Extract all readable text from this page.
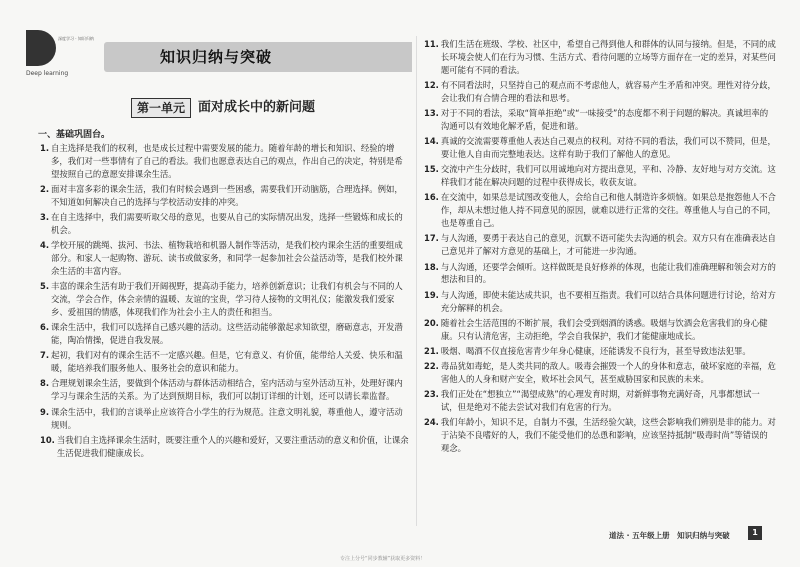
深度学习 · 知识归纳
Deep learning
知识归纳与突破
第一单元	面对成长中的新问题
一、基础巩固台。
1. 自主选择是我们的权利，也是成长过程中需要发展的能力。随着年龄的增长和知识、经验的增多，我们对一些事情有了自己的看法。我们也愿意表达自己的观点，作出自己的决定，特别是希望按照自己的意愿安排课余生活。
2. 面对丰富多彩的课余生活，我们有时候会遇到一些困惑，需要我们开动脑筋，合理选择。例如，不知道如何解决自己的选择与学校活动安排的冲突。
3. 在自主选择中，我们需要听取父母的意见，也要从自己的实际情况出发，选择一些锻炼和成长的机会。
4. 学校开展的跳绳、拔河、书法、植物栽培和机器人制作等活动，是我们校内课余生活的重要组成部分。和家人一起购物、游玩、读书或做家务，和同学一起参加社会公益活动等，是我们校外课余生活的丰富内容。
5. 丰富的课余生活有助于我们开阔视野，提高动手能力，培养创新意识；让我们有机会与不同的人交流，学会合作，体会亲情的温暖、友谊的宝贵，学习待人接物的文明礼仪；能激发我们爱家乡、爱祖国的情感，体现我们作为社会小主人的责任和担当。
6. 课余生活中，我们可以选择自己感兴趣的活动。这些活动能够激起求知欲望，磨砺意志，开发潜能，陶冶情操，促进自我发展。
7. 起初，我们对有的课余生活不一定感兴趣。但是，它有意义、有价值，能带给人关爱、快乐和温暖，能培养我们服务他人、服务社会的意识和能力。
8. 合理规划课余生活，要做到个体活动与群体活动相结合，室内活动与室外活动互补，处理好课内学习与课余生活的关系。为了达到预期目标，我们可以制订详细的计划，还可以请长辈监督。
9. 课余生活中，我们的言谈举止应该符合小学生的行为规范。注意文明礼貌，尊重他人，遵守活动规则。
10. 当我们自主选择课余生活时，既要注重个人的兴趣和爱好，又要注重活动的意义和价值，让课余生活促进我们健康成长。
11. 我们生活在班级、学校、社区中，希望自己得到他人和群体的认同与接纳。但是，不同的成长环境会使人们在行为习惯、生活方式、看待问题的立场等方面存在一定的差异，对某些问题可能有不同的看法。
12. 有不同看法时，只坚持自己的观点而不考虑他人，就容易产生矛盾和冲突。理性对待分歧，会让我们有合情合理的看法和思考。
13. 对于不同的看法，采取“简单拒绝”或“一味接受”的态度都不利于问题的解决。真诚坦率的沟通可以有效地化解矛盾，促进和谐。
14. 真诚的交流需要尊重他人表达自己观点的权利。对待不同的看法，我们可以不赞同，但是，要让他人自由而完整地表达。这样有助于我们了解他人的意见。
15. 交流中产生分歧时，我们可以用诚地向对方提出意见，平和、冷静、友好地与对方交流。这样我们才能在解决问题的过程中获得成长，收获友谊。
16. 在交流中，如果总是试图改变他人，会给自己和他人制造许多烦恼。如果总是抱怨他人不合作，却从未想过他人持不同意见的原因，就难以进行正常的交往。尊重他人与自己的不同，也是尊重自己。
17. 与人沟通，要勇于表达自己的意见，沉默不语可能失去沟通的机会。双方只有在准确表达自己意见并了解对方意见的基础上，才可能进一步沟通。
18. 与人沟通，还要学会倾听。这样做既是良好修养的体现，也能让我们准确理解和领会对方的想法和目的。
19. 与人沟通，即使未能达成共识，也不要相互指责。我们可以结合具体问题进行讨论，给对方充分解释的机会。
20. 随着社会生活范围的不断扩展，我们会受到烟酒的诱惑。吸烟与饮酒会危害我们的身心健康。只有认清危害，主动拒绝，学会自我保护，我们才能健康地成长。
21. 吸烟、喝酒不仅直接危害青少年身心健康，还能诱发不良行为，甚至导致违法犯罪。
22. 毒品犹如毒蛇，是人类共同的敌人。吸毒会摧毁一个人的身体和意志，破坏家庭的幸福，危害他人的人身和财产安全，败坏社会风气，甚至威胁国家和民族的未来。
23. 我们正处在“想独立”“渴望成熟”的心理发育时期，对新鲜事物充满好奇，凡事都想试一试，但是绝对不能去尝试对我们有危害的行为。
24. 我们年龄小，知识不足，自制力不强，生活经验欠缺，这些会影响我们辨别是非的能力。对于沾染不良嗜好的人，我们不能受他们的怂恿和影响，应该坚持抵制“吸毒时尚”等错误的观念。
道法 · 五年级上册　知识归纳与突破	1
专注上分号“同步教辅”获取更多资料！
